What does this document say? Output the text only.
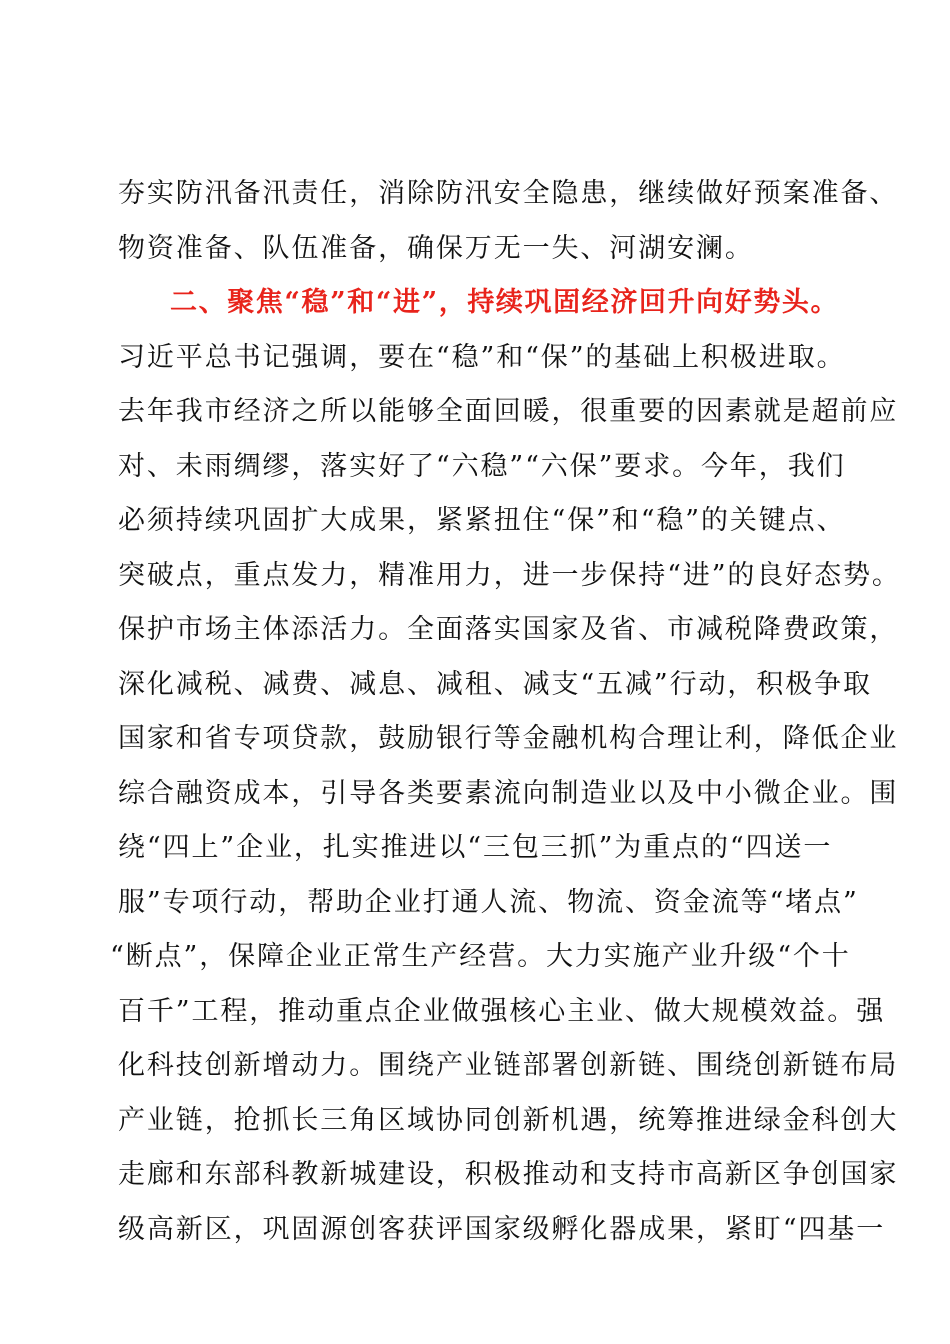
夯实防汛备汛责任，消除防汛安全隐患，继续做好预案准备、
物资准备、队伍准备，确保万无一失、河湖安澜。
二、聚焦“稳”和“进”，持续巩固经济回升向好势头。
习近平总书记强调，要在“稳”和“保”的基础上积极进取。
去年我市经济之所以能够全面回暖，很重要的因素就是超前应
对、未雨绸缪，落实好了“六稳”“六保”要求。今年，我们
必须持续巩固扩大成果，紧紧扭住“保”和“稳”的关键点、
突破点，重点发力，精准用力，进一步保持“进”的良好态势。
保护市场主体添活力。全面落实国家及省、市减税降费政策，
深化减税、减费、减息、减租、减支“五减”行动，积极争取
国家和省专项贷款，鼓励银行等金融机构合理让利，降低企业
综合融资成本，引导各类要素流向制造业以及中小微企业。围
绕“四上”企业，扎实推进以“三包三抓”为重点的“四送一
服”专项行动，帮助企业打通人流、物流、资金流等“堵点”
“断点”，保障企业正常生产经营。大力实施产业升级“个十
百千”工程，推动重点企业做强核心主业、做大规模效益。强
化科技创新增动力。围绕产业链部署创新链、围绕创新链布局
产业链，抢抓长三角区域协同创新机遇，统筹推进绿金科创大
走廊和东部科教新城建设，积极推动和支持市高新区争创国家
级高新区，巩固源创客获评国家级孵化器成果，紧盯“四基一
